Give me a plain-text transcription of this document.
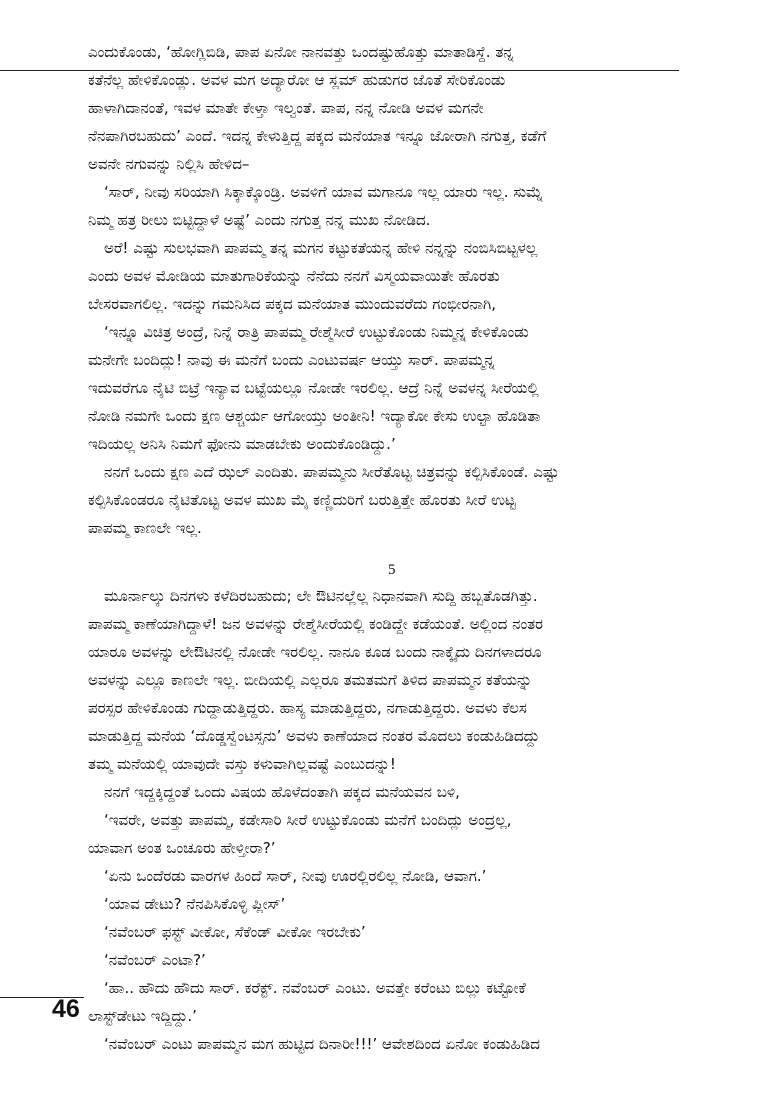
ಎಂದುಕೊಂಡು, ‘ಹೋಗ್ಲಿಬಿಡಿ, ಪಾಪ ಏನೋ ನಾನವತ್ತು ಒಂದಷ್ಟುಹೊತ್ತು ಮಾತಾಡಿಸ್ದೆ. ತನ್ನ
ಕತೆನೆಲ್ಲ ಹೇಳಿಕೊಂಡ್ಲು. ಅವಳ ಮಗ ಅದ್ಯಾರೋ ಆ ಸ್ಲಮ್ ಹುಡುಗರ ಜೊತೆ ಸೇರಿಕೊಂಡು
ಹಾಳಾಗಿದಾನಂತೆ, ಇವಳ ಮಾತೇ ಕೇಳ್ತಾ ಇಲ್ವಂತೆ. ಪಾಪ, ನನ್ನ ನೋಡಿ ಅವಳ ಮಗನೇ
ನೆನಪಾಗಿರಬಹುದು’ ಎಂದೆ. ಇದನ್ನ ಕೇಳುತ್ತಿದ್ದ ಪಕ್ಕದ ಮನೆಯಾತ ಇನ್ನೂ ಜೋರಾಗಿ ನಗುತ್ತ, ಕಡೆಗೆ
ಅವನೇ ನಗುವನ್ನು ನಿಲ್ಲಿಸಿ ಹೇಳಿದ–
‘ಸಾರ್, ನೀವು ಸರಿಯಾಗಿ ಸಿಕ್ಕಾಕ್ಕೊಂಡ್ರಿ. ಅವಳಿಗೆ ಯಾವ ಮಗಾನೂ ಇಲ್ಲ ಯಾರು ಇಲ್ಲ. ಸುಮ್ನೆ
ನಿಮ್ಮ ಹತ್ರ ರೀಲು ಬಿಟ್ಟಿದ್ದಾಳೆ ಅಷ್ಟೆ’ ಎಂದು ನಗುತ್ತ ನನ್ನ ಮುಖ ನೋಡಿದ.
ಅರೆ! ಎಷ್ಟು ಸುಲಭವಾಗಿ ಪಾಪಮ್ಮ ತನ್ನ ಮಗನ ಕಟ್ಟುಕತೆಯನ್ನ ಹೇಳಿ ನನ್ನನ್ನು ನಂಬಿಸಿಬಿಟ್ಟಳಲ್ಲ
ಎಂದು ಅವಳ ಮೋಡಿಯ ಮಾತುಗಾರಿಕೆಯನ್ನು ನೆನೆದು ನನಗೆ ವಿಸ್ಮಯವಾಯಿತೇ ಹೊರತು
ಬೇಸರವಾಗಲಿಲ್ಲ. ಇದನ್ನು ಗಮನಿಸಿದ ಪಕ್ಕದ ಮನೆಯಾತ ಮುಂದುವರೆದು ಗಂಭೀರನಾಗಿ,
‘ಇನ್ನೂ ವಿಚಿತ್ರ ಅಂದ್ರೆ, ನಿನ್ನೆ ರಾತ್ರಿ ಪಾಪಮ್ಮ ರೇಶ್ಮೆಸೀರೆ ಉಟ್ಟುಕೊಂಡು ನಿಮ್ಮನ್ನ ಕೇಳಿಕೊಂಡು
ಮನೇಗೇ ಬಂದಿದ್ಲು! ನಾವು ಈ ಮನೆಗೆ ಬಂದು ಎಂಟುವರ್ಷ ಆಯ್ತು ಸಾರ್. ಪಾಪಮ್ಮನ್ನ
ಇದುವರೆಗೂ ನೈಟಿ ಬಿಟ್ರೆ ಇನ್ಯಾವ ಬಟ್ಟೆಯಲ್ಲೂ ನೋಡೇ ಇರಲಿಲ್ಲ. ಆದ್ರೆ ನಿನ್ನೆ ಅವಳನ್ನ ಸೀರೆಯಲ್ಲಿ
ನೋಡಿ ನಮಗೇ ಒಂದು ಕ್ಷಣ ಆಶ್ಚರ್ಯ ಆಗೋಯ್ತು ಅಂತೀನಿ! ಇದ್ಯಾಕೋ ಕೇಸು ಉಲ್ಟಾ ಹೊಡಿತಾ
ಇದಿಯಲ್ಲ ಅನಿಸಿ ನಿಮಗೆ ಫೋನು ಮಾಡಬೇಕು ಅಂದುಕೊಂಡಿದ್ದು.’
ನನಗೆ ಒಂದು ಕ್ಷಣ ಎದೆ ಝಲ್ ಎಂದಿತು. ಪಾಪಮ್ಮನು ಸೀರೆತೊಟ್ಟ ಚಿತ್ರವನ್ನು ಕಲ್ಪಿಸಿಕೊಂಡೆ. ಎಷ್ಟು
ಕಲ್ಪಿಸಿಕೊಂಡರೂ ನೈಟಿತೊಟ್ಟ ಅವಳ ಮುಖ ಮೈ ಕಣ್ಣಿದುರಿಗೆ ಬರುತ್ತಿತ್ತೇ ಹೊರತು ಸೀರೆ ಉಟ್ಟ
ಪಾಪಮ್ಮ ಕಾಣಲೇ ಇಲ್ಲ.
5
ಮೂರ್ನಾಲ್ಕು ದಿನಗಳು ಕಳೆದಿರಬಹುದು; ಲೇ ಔಟಿನಲ್ಲೆಲ್ಲ ನಿಧಾನವಾಗಿ ಸುದ್ದಿ ಹಬ್ಬತೊಡಗಿತ್ತು.
ಪಾಪಮ್ಮ ಕಾಣೆಯಾಗಿದ್ದಾಳೆ! ಜನ ಅವಳನ್ನು ರೇಶ್ಮೆಸೀರೆಯಲ್ಲಿ ಕಂಡಿದ್ದೇ ಕಡೆಯಂತೆ. ಅಲ್ಲಿಂದ ನಂತರ
ಯಾರೂ ಅವಳನ್ನು ಲೇಔಟಿನಲ್ಲಿ ನೋಡೇ ಇರಲಿಲ್ಲ. ನಾನೂ ಕೂಡ ಬಂದು ನಾಕ್ಕೈದು ದಿನಗಳಾದರೂ
ಅವಳನ್ನು ಎಲ್ಲೂ ಕಾಣಲೇ ಇಲ್ಲ. ಬೀದಿಯಲ್ಲಿ ಎಲ್ಲರೂ ತಮತಮಗೆ ತಿಳಿದ ಪಾಪಮ್ಮನ ಕತೆಯನ್ನು
ಪರಸ್ಪರ ಹೇಳಿಕೊಂಡು ಗುದ್ದಾಡುತ್ತಿದ್ದರು. ಹಾಸ್ಯ ಮಾಡುತ್ತಿದ್ದರು, ನಗಾಡುತ್ತಿದ್ದರು. ಅವಳು ಕೆಲಸ
ಮಾಡುತ್ತಿದ್ದ ಮನೆಯ ‘ದೊಡ್ಡಸ್ವೆಂಟಸ್ಸನು’ ಅವಳು ಕಾಣೆಯಾದ ನಂತರ ಮೊದಲು ಕಂಡುಹಿಡಿದದ್ದು
ತಮ್ಮ ಮನೆಯಲ್ಲಿ ಯಾವುದೇ ವಸ್ತು ಕಳುವಾಗಿಲ್ಲವಷ್ಟೆ ಎಂಬುದನ್ನು!
ನನಗೆ ಇದ್ದಕ್ಕಿದ್ದಂತೆ ಒಂದು ವಿಷಯ ಹೊಳೆದಂತಾಗಿ ಪಕ್ಕದ ಮನೆಯವನ ಬಳಿ,
‘ಇವರೇ, ಅವತ್ತು ಪಾಪಮ್ಮ, ಕಡೇಸಾರಿ ಸೀರೆ ಉಟ್ಟುಕೊಂಡು ಮನೆಗೆ ಬಂದಿದ್ಲು ಅಂದ್ರಲ್ಲ,
ಯಾವಾಗ ಅಂತ ಒಂಚೂರು ಹೇಳ್ತೀರಾ?’
‘ಏನು ಒಂದೆರಡು ವಾರಗಳ ಹಿಂದೆ ಸಾರ್, ನೀವು ಊರಲ್ಲಿರಲಿಲ್ಲ ನೋಡಿ, ಆವಾಗ.’
‘ಯಾವ ಡೇಟು? ನೆನಪಿಸಿಕೊಳ್ಳಿ ಪ್ಲೀಸ್’
‘ನವೆಂಬರ್ ಫಸ್ಟ್ ವೀಕೋ, ಸೆಕೆಂಡ್ ವೀಕೋ ಇರಬೇಕು’
‘ನವೆಂಬರ್ ಎಂಟಾ?’
‘ಹಾ.. ಹೌದು ಹೌದು ಸಾರ್. ಕರೆಕ್ಟ್. ನವೆಂಬರ್ ಎಂಟು. ಅವತ್ತೇ ಕರೆಂಟು ಬಿಲ್ಲು ಕಟ್ಟೋಕೆ
ಲಾಸ್ಟ್‌ಡೇಟು ಇದ್ದಿದ್ದು.’
‘ನವೆಂಬರ್ ಎಂಟು ಪಾಪಮ್ಮನ ಮಗ ಹುಟ್ಟಿದ ದಿನಾರೀ!!!’ ಆವೇಶದಿಂದ ಏನೋ ಕಂಡುಹಿಡಿದ
46
